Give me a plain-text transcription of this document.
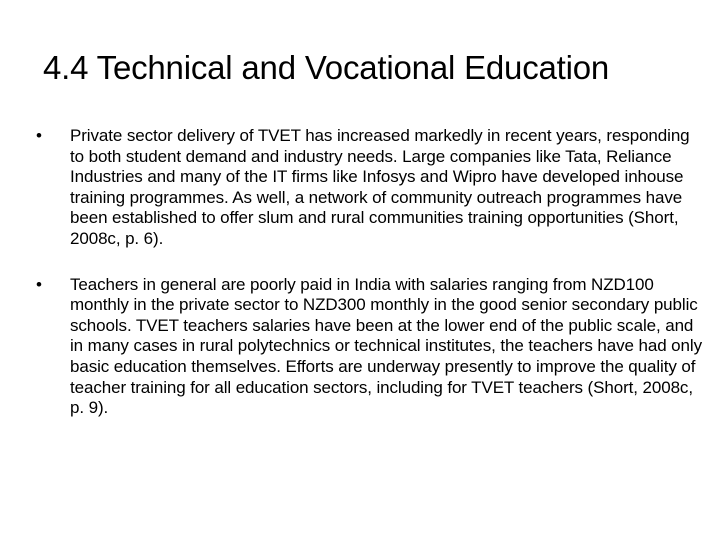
4.4 Technical and Vocational Education
•	Private sector delivery of TVET has increased markedly in recent years, responding to both student demand and industry needs. Large companies like Tata, Reliance Industries and many of the IT firms like Infosys and Wipro have developed inhouse training programmes. As well, a network of community outreach programmes have been established to offer slum and rural communities training opportunities (Short, 2008c, p. 6).
•	Teachers in general are poorly paid in India with salaries ranging from NZD100 monthly in the private sector to NZD300 monthly in the good senior secondary public schools. TVET teachers salaries have been at the lower end of the public scale, and in many cases in rural polytechnics or technical institutes, the teachers have had only basic education themselves. Efforts are underway presently to improve the quality of teacher training for all education sectors, including for TVET teachers (Short, 2008c, p. 9).
